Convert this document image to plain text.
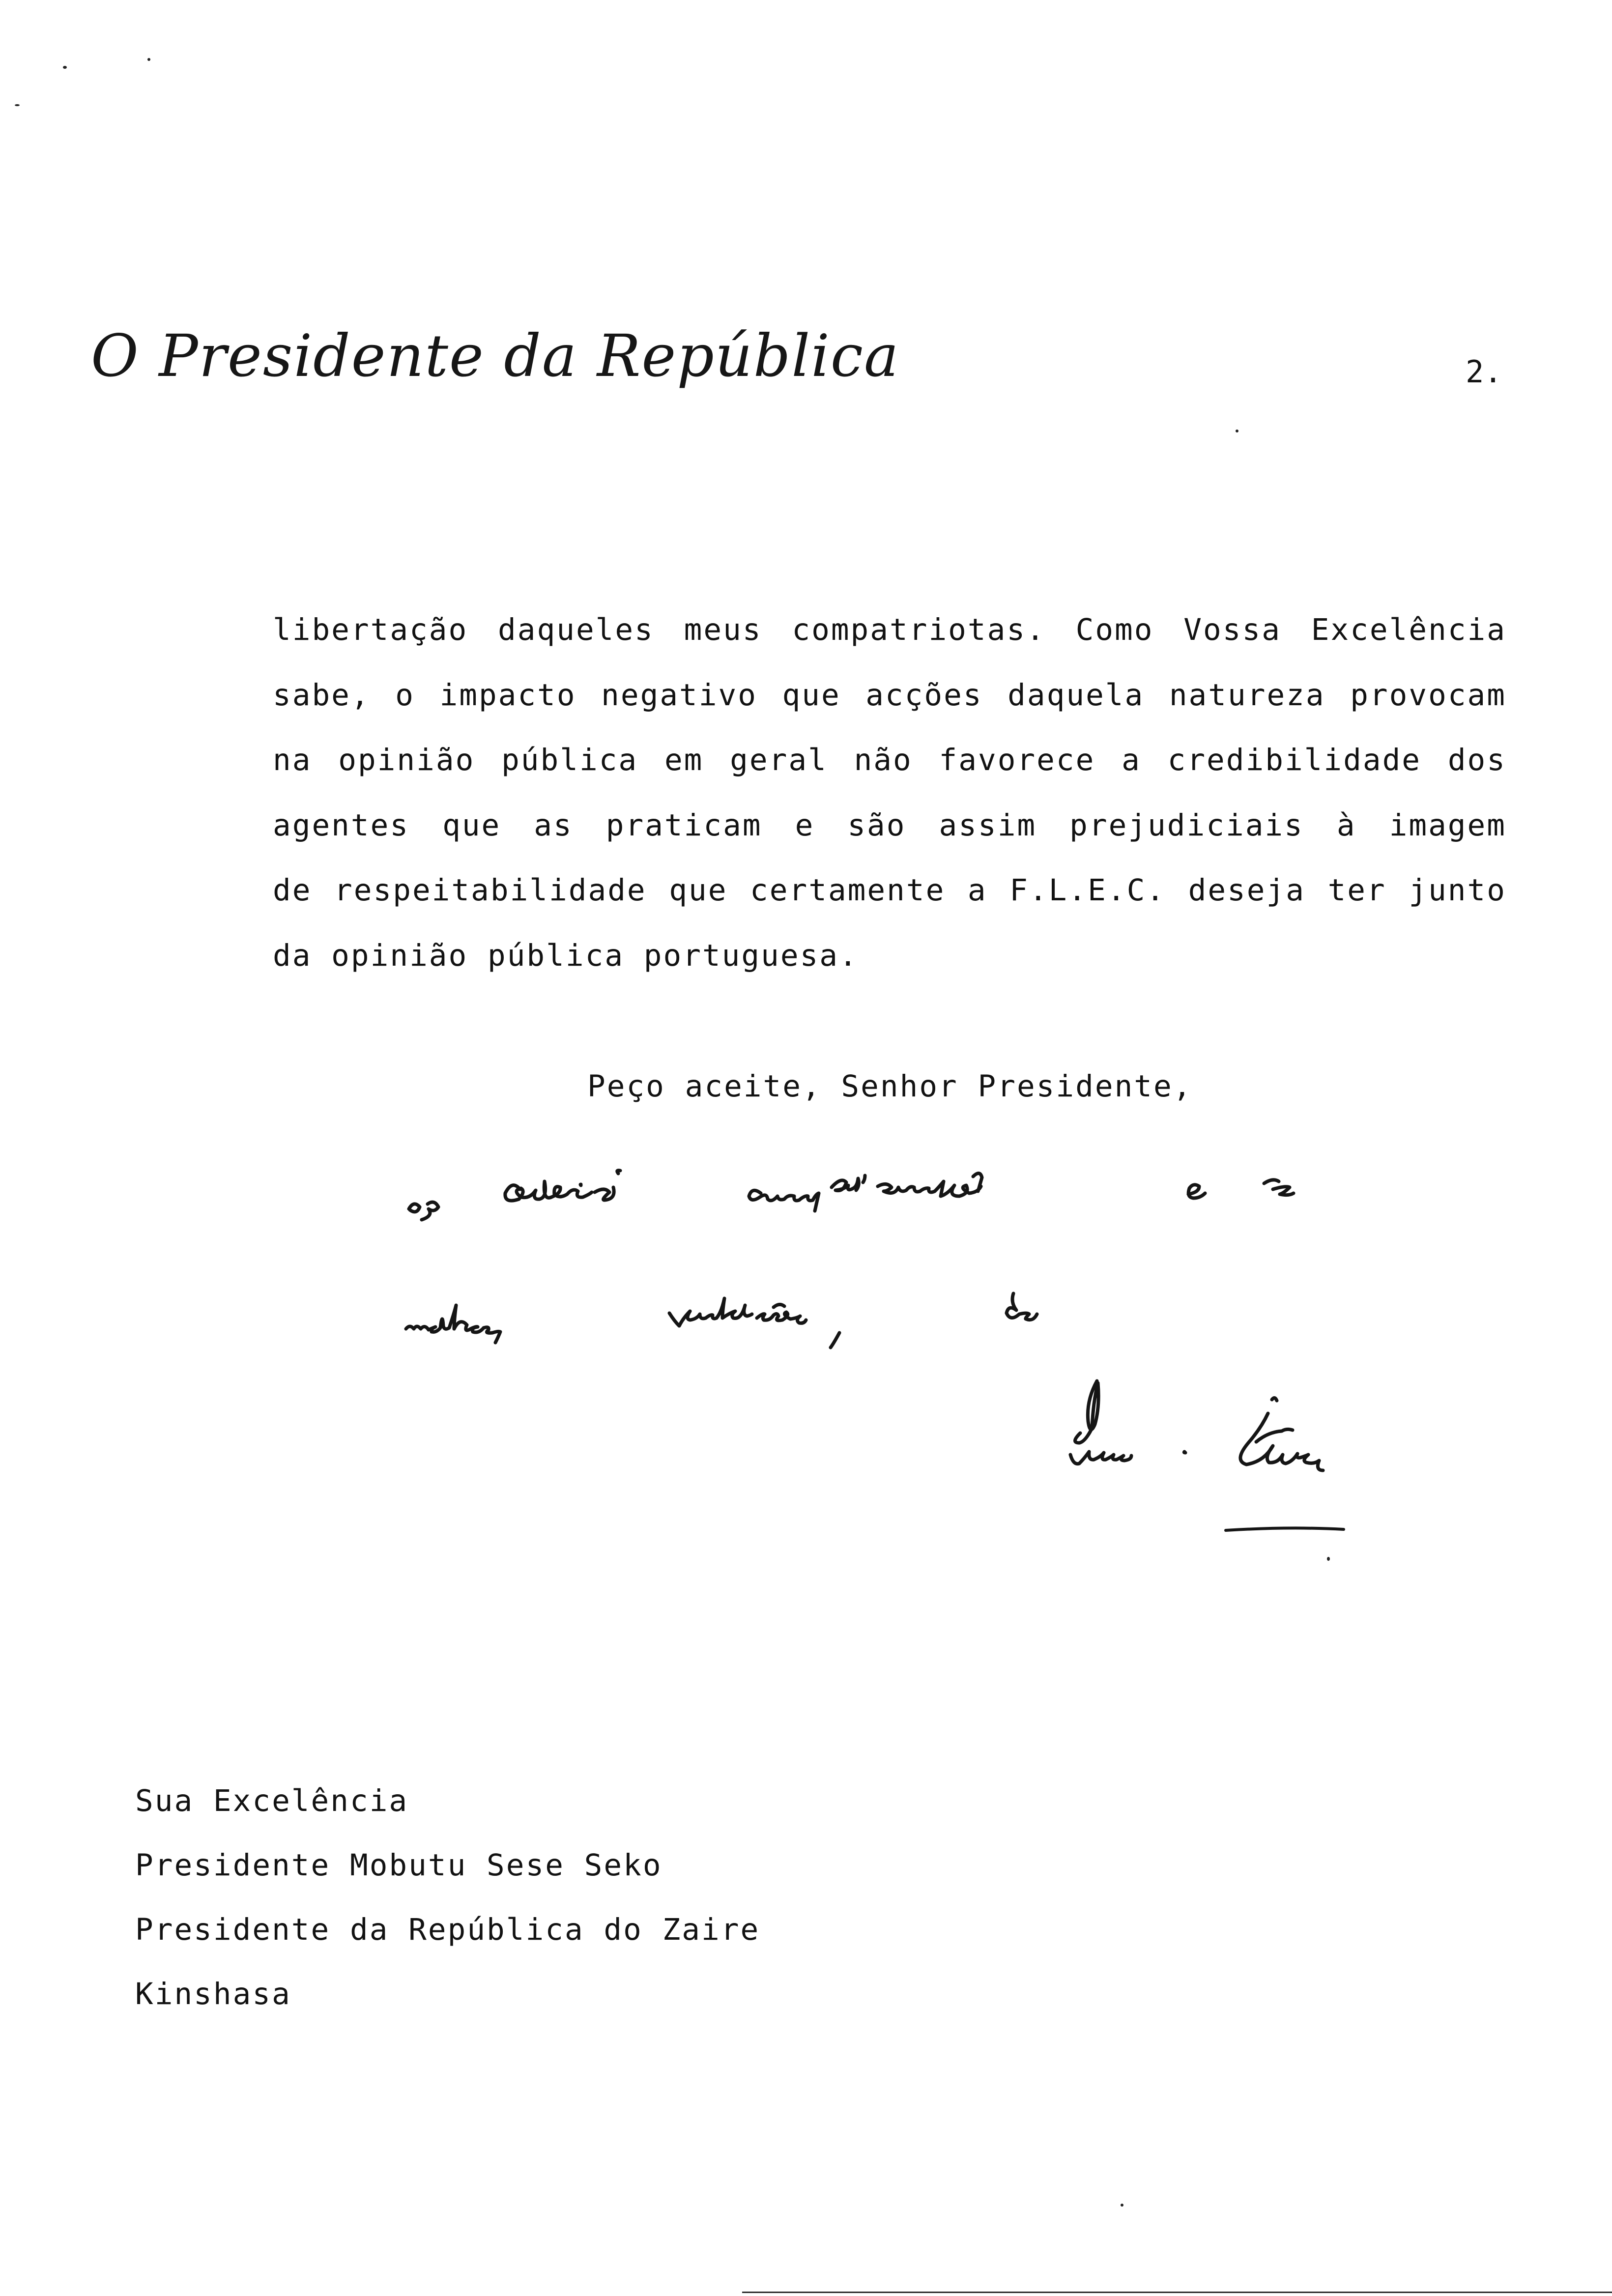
O Presidente da República	2.
libertação daqueles meus compatriotas. Como Vossa Excelência
sabe, o impacto negativo que acções daquela natureza provocam
na opinião pública em geral não favorece a credibilidade dos
agentes que as praticam e são assim prejudiciais à imagem
de respeitabilidade que certamente a F.L.E.C. deseja ter junto
da opinião pública portuguesa.
Peço aceite, Senhor Presidente,
Sua Excelência
Presidente Mobutu Sese Seko
Presidente da República do Zaire
Kinshasa
